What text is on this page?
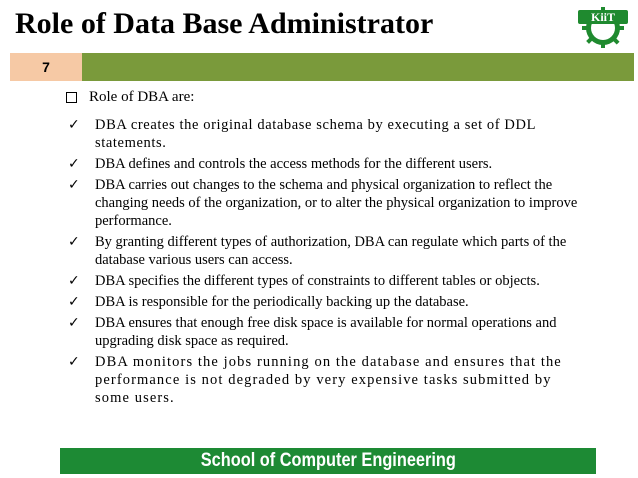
Role of Data Base Administrator	KiiT
7
Role of DBA are:
✓ DBA creates the original database schema by executing a set of DDL statements.
✓ DBA defines and controls the access methods for the different users.
✓ DBA carries out changes to the schema and physical organization to reflect the changing needs of the organization, or to alter the physical organization to improve performance.
✓ By granting different types of authorization, DBA can regulate which parts of the database various users can access.
✓ DBA specifies the different types of constraints to different tables or objects.
✓ DBA is responsible for the periodically backing up the database.
✓ DBA ensures that enough free disk space is available for normal operations and upgrading disk space as required.
✓ DBA monitors the jobs running on the database and ensures that the performance is not degraded by very expensive tasks submitted by some users.
School of Computer Engineering
